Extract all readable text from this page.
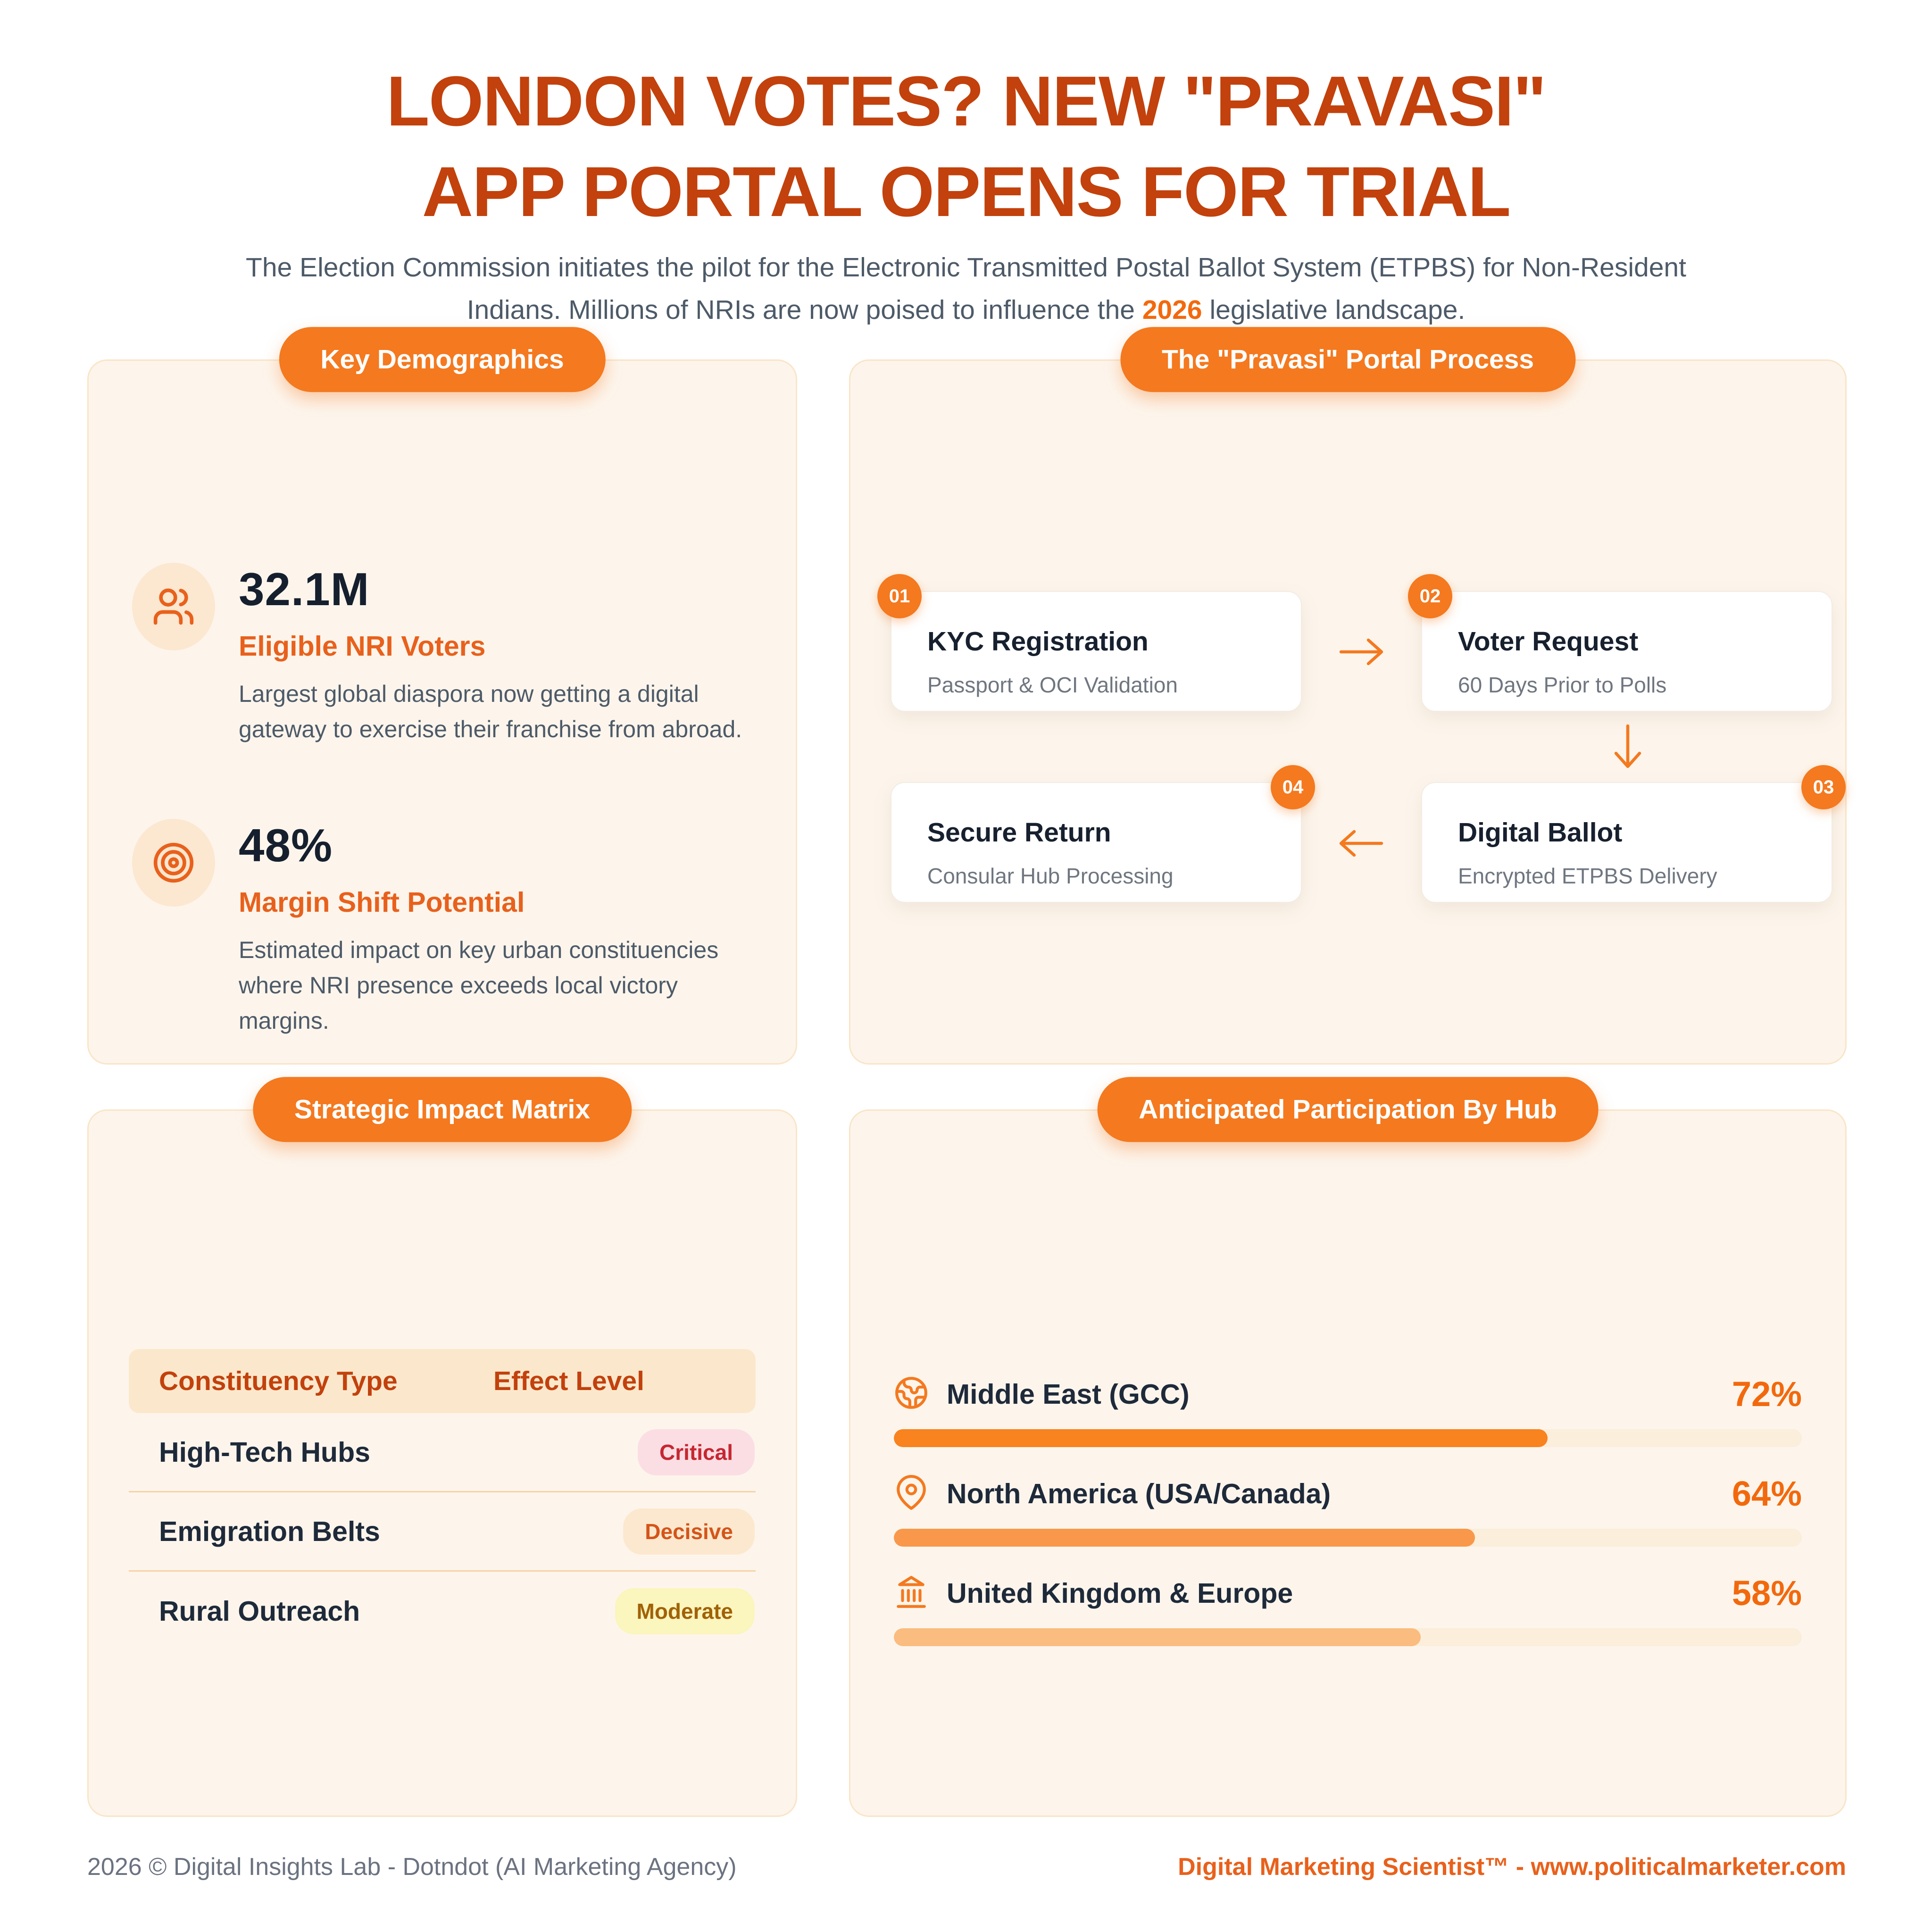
LONDON VOTES? NEW "PRAVASI"
APP PORTAL OPENS FOR TRIAL

The Election Commission initiates the pilot for the Electronic Transmitted Postal Ballot System (ETPBS) for Non-Resident Indians. Millions of NRIs are now poised to influence the 2026 legislative landscape.

Key Demographics
32.1M
Eligible NRI Voters
Largest global diaspora now getting a digital gateway to exercise their franchise from abroad.
48%
Margin Shift Potential
Estimated impact on key urban constituencies where NRI presence exceeds local victory margins.
The "Pravasi" Portal Process
01
KYC Registration
Passport & OCI Validation
02
Voter Request
60 Days Prior to Polls
03
Digital Ballot
Encrypted ETPBS Delivery
04
Secure Return
Consular Hub Processing
Strategic Impact Matrix
Constituency Type	Effect Level
High-Tech Hubs	Critical
Emigration Belts	Decisive
Rural Outreach	Moderate
Anticipated Participation By Hub
Middle East (GCC)	72%
North America (USA/Canada)	64%
United Kingdom & Europe	58%
2026 © Digital Insights Lab - Dotndot (AI Marketing Agency)	Digital Marketing Scientist™ - www.politicalmarketer.com
